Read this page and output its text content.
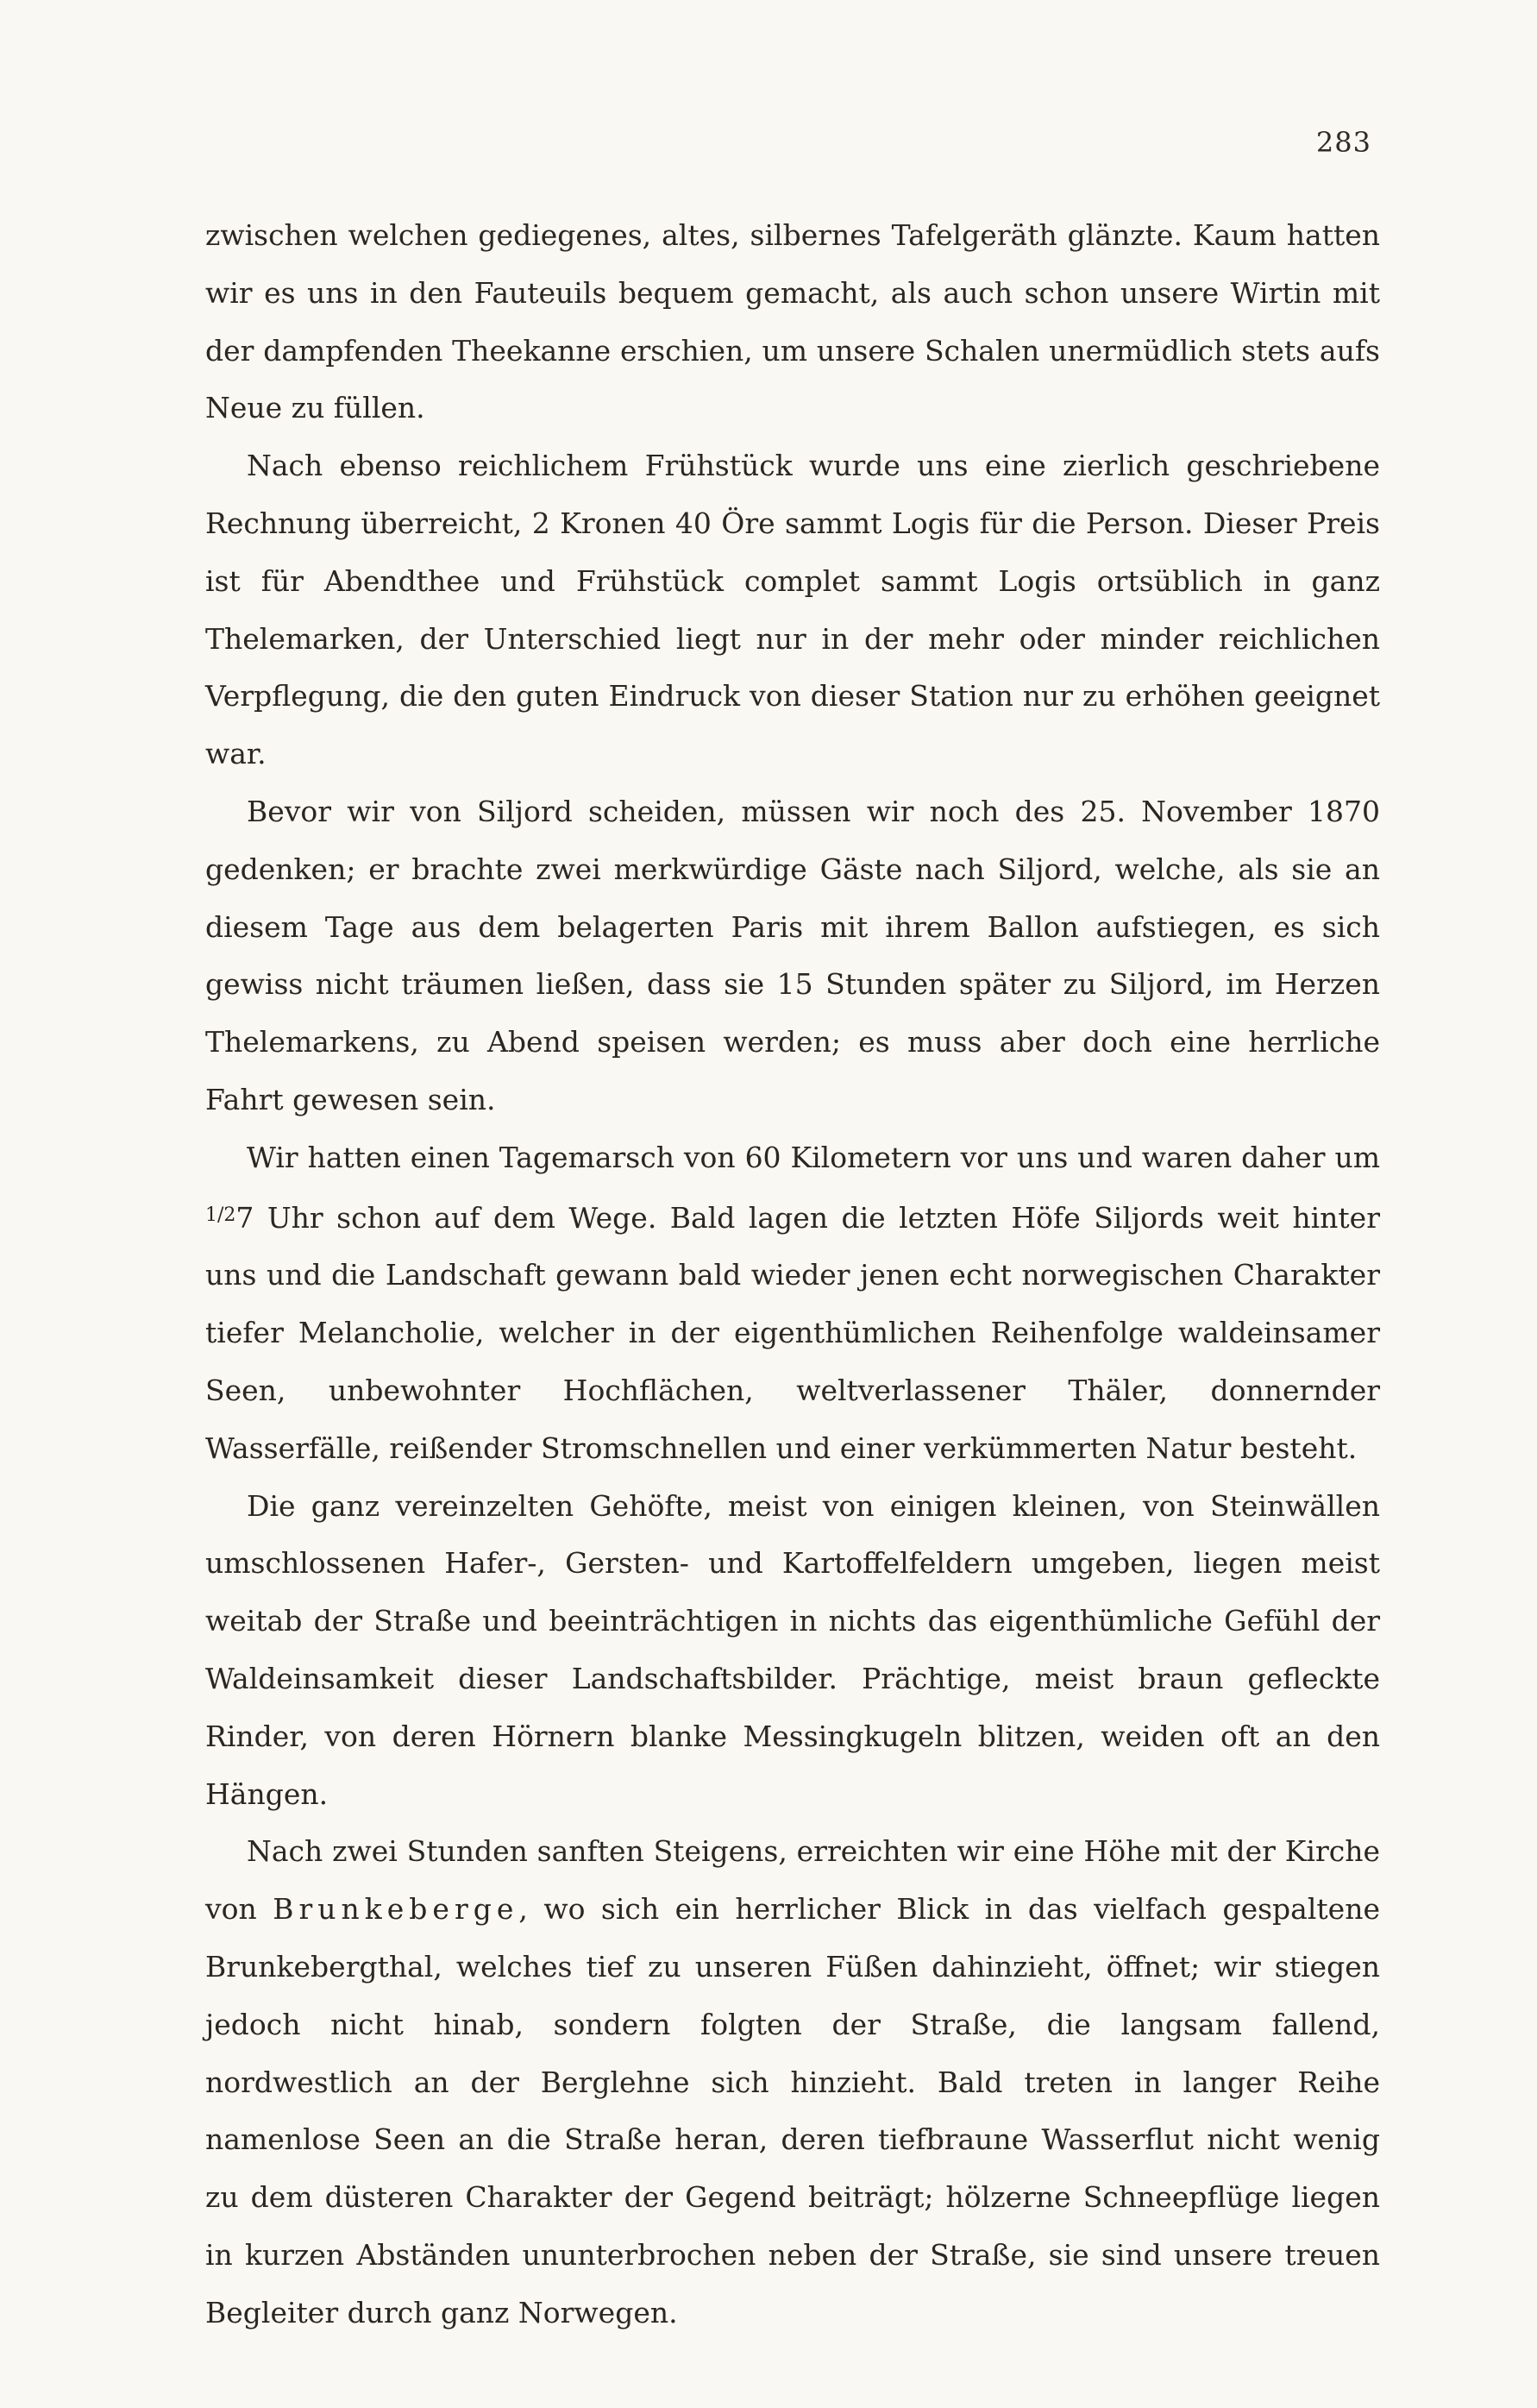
283

zwischen welchen gediegenes, altes, silbernes Tafelgeräth glänzte. Kaum hatten wir es uns in den Fauteuils bequem gemacht, als auch schon unsere Wirtin mit der dampfenden Theekanne erschien, um unsere Schalen unermüdlich stets aufs Neue zu füllen.

Nach ebenso reichlichem Frühstück wurde uns eine zierlich geschriebene Rechnung überreicht, 2 Kronen 40 Öre sammt Logis für die Person. Dieser Preis ist für Abendthee und Frühstück complet sammt Logis ortsüblich in ganz Thelemarken, der Unterschied liegt nur in der mehr oder minder reichlichen Verpflegung, die den guten Eindruck von dieser Station nur zu erhöhen geeignet war.

Bevor wir von Siljord scheiden, müssen wir noch des 25. November 1870 gedenken; er brachte zwei merkwürdige Gäste nach Siljord, welche, als sie an diesem Tage aus dem belagerten Paris mit ihrem Ballon aufstiegen, es sich gewiss nicht träumen ließen, dass sie 15 Stunden später zu Siljord, im Herzen Thelemarkens, zu Abend speisen werden; es muss aber doch eine herrliche Fahrt gewesen sein.

Wir hatten einen Tagemarsch von 60 Kilometern vor uns und waren daher um $^{1/2}$7 Uhr schon auf dem Wege. Bald lagen die letzten Höfe Siljords weit hinter uns und die Landschaft gewann bald wieder jenen echt norwegischen Charakter tiefer Melancholie, welcher in der eigenthümlichen Reihenfolge waldeinsamer Seen, unbewohnter Hochflächen, weltverlassener Thäler, donnernder Wasserfälle, reißender Stromschnellen und einer verkümmerten Natur besteht.

Die ganz vereinzelten Gehöfte, meist von einigen kleinen, von Steinwällen umschlossenen Hafer-, Gersten- und Kartoffelfeldern umgeben, liegen meist weitab der Straße und beeinträchtigen in nichts das eigenthümliche Gefühl der Waldeinsamkeit dieser Landschaftsbilder. Prächtige, meist braun gefleckte Rinder, von deren Hörnern blanke Messingkugeln blitzen, weiden oft an den Hängen.

Nach zwei Stunden sanften Steigens, erreichten wir eine Höhe mit der Kirche von Brunkeberge, wo sich ein herrlicher Blick in das vielfach gespaltene Brunkebergthal, welches tief zu unseren Füßen dahinzieht, öffnet; wir stiegen jedoch nicht hinab, sondern folgten der Straße, die langsam fallend, nordwestlich an der Berglehne sich hinzieht. Bald treten in langer Reihe namenlose Seen an die Straße heran, deren tiefbraune Wasserflut nicht wenig zu dem düsteren Charakter der Gegend beiträgt; hölzerne Schneepflüge liegen in kurzen Abständen ununterbrochen neben der Straße, sie sind unsere treuen Begleiter durch ganz Norwegen.
